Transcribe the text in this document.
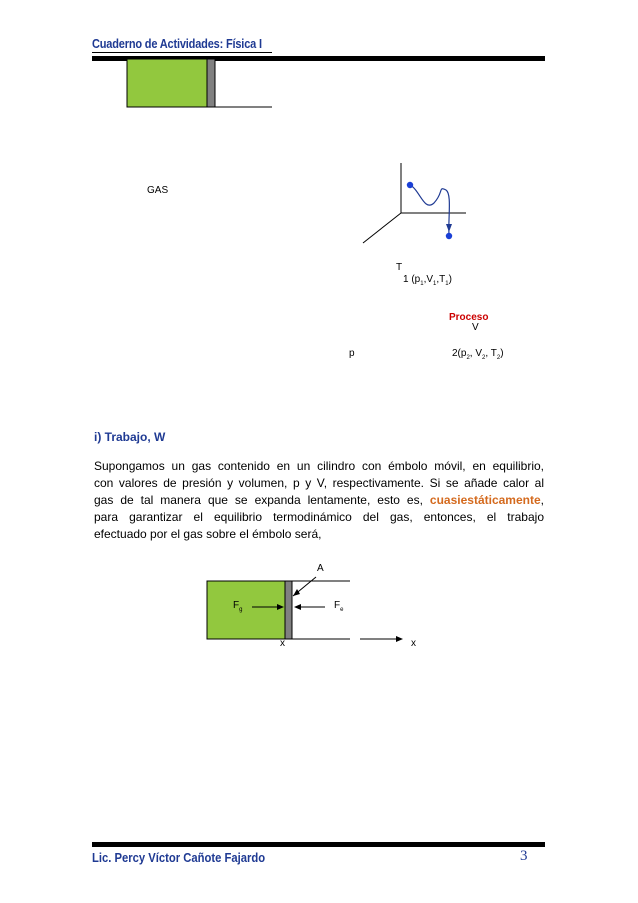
Cuaderno de Actividades: Física I
GAS
T
1 $(p_1,V_1,T_1)$
Proceso
V
p	$2(p_2$, $V_2$, $T_2$)
i) Trabajo, W
Supongamos un gas contenido en un cilindro con émbolo móvil, en equilibrio,
con valores de presión y volumen, p y V, respectivamente. Si se añade calor al
gas de tal manera que se expanda lentamente, esto es, cuasiestáticamente,
para garantizar el equilibrio termodinámico del gas, entonces, el trabajo
efectuado por el gas sobre el émbolo será,
A
$F_g$	$F_e$
x	x
Lic. Percy Víctor Cañote Fajardo	3
